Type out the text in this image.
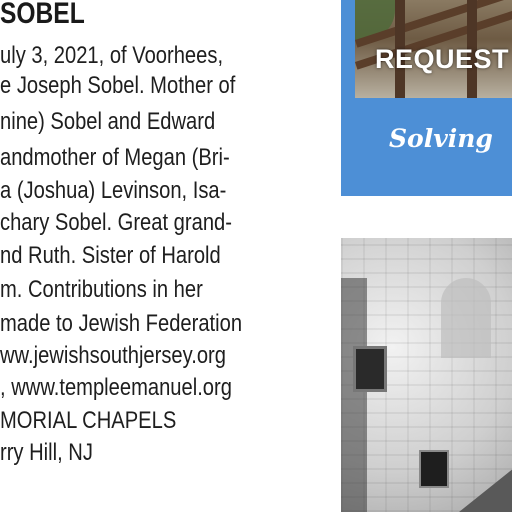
SOBEL
uly 3, 2021, of Voorhees,
e Joseph Sobel. Mother of
nine) Sobel and Edward
andmother of Megan (Bri-
a (Joshua) Levinson, Isa-
chary Sobel. Great grand-
nd Ruth. Sister of Harold
m. Contributions in her
made to Jewish Federation
ww.jewishsouthjersey.org
, www.templeemanuel.org
MORIAL CHAPELS
rry Hill, NJ
REQUEST
Solving
